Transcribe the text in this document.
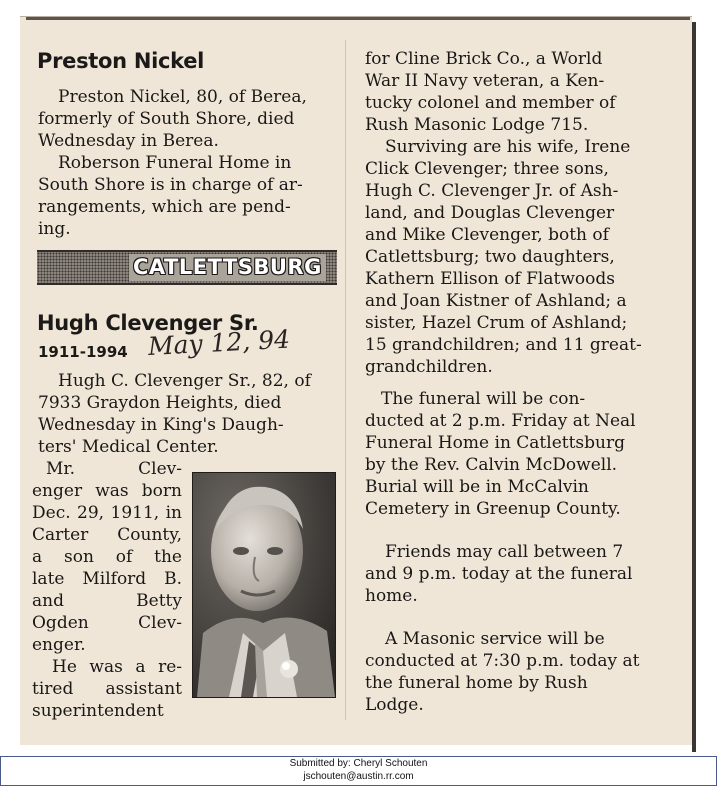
Preston Nickel
Preston Nickel, 80, of Berea,
formerly of South Shore, died
Wednesday in Berea.
Roberson Funeral Home in
South Shore is in charge of ar-
rangements, which are pend-
ing.
CATLETTSBURG
Hugh Clevenger Sr.
1911-1994 May 12, 94
Hugh C. Clevenger Sr., 82, of
7933 Graydon Heights, died
Wednesday in King's Daugh-
ters' Medical Center.
Mr. Clev-
enger was born
Dec. 29, 1911, in
Carter County,
a son of the
late Milford B.
and Betty
Ogden Clev-
enger.
He was a re-
tired assistant
superintendent
for Cline Brick Co., a World
War II Navy veteran, a Ken-
tucky colonel and member of
Rush Masonic Lodge 715.
Surviving are his wife, Irene
Click Clevenger; three sons,
Hugh C. Clevenger Jr. of Ash-
land, and Douglas Clevenger
and Mike Clevenger, both of
Catlettsburg; two daughters,
Kathern Ellison of Flatwoods
and Joan Kistner of Ashland; a
sister, Hazel Crum of Ashland;
15 grandchildren; and 11 great-
grandchildren.
The funeral will be con-
ducted at 2 p.m. Friday at Neal
Funeral Home in Catlettsburg
by the Rev. Calvin McDowell.
Burial will be in McCalvin
Cemetery in Greenup County.
Friends may call between 7
and 9 p.m. today at the funeral
home.
A Masonic service will be
conducted at 7:30 p.m. today at
the funeral home by Rush
Lodge.
Submitted by: Cheryl Schouten
jschouten@austin.rr.com
